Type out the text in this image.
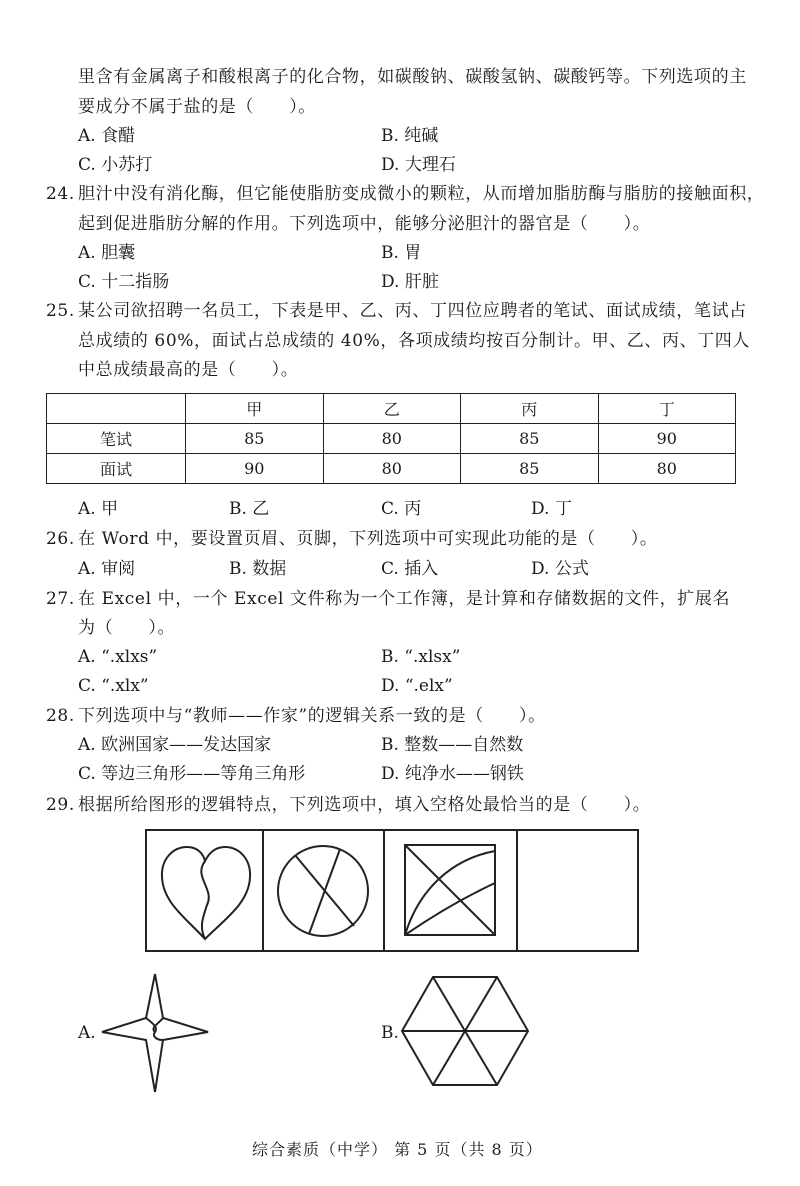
里含有金属离子和酸根离子的化合物，如碳酸钠、碳酸氢钠、碳酸钙等。下列选项的主
要成分不属于盐的是（　　）。
A. 食醋	B. 纯碱
C. 小苏打	D. 大理石
24. 胆汁中没有消化酶，但它能使脂肪变成微小的颗粒，从而增加脂肪酶与脂肪的接触面积，
起到促进脂肪分解的作用。下列选项中，能够分泌胆汁的器官是（　　）。
A. 胆囊	B. 胃
C. 十二指肠	D. 肝脏
25. 某公司欲招聘一名员工，下表是甲、乙、丙、丁四位应聘者的笔试、面试成绩，笔试占
总成绩的 60%，面试占总成绩的 40%，各项成绩均按百分制计。甲、乙、丙、丁四人
中总成绩最高的是（　　）。
	甲	乙	丙	丁
笔试	85	80	85	90
面试	90	80	85	80
A. 甲	B. 乙	C. 丙	D. 丁
26. 在 Word 中，要设置页眉、页脚，下列选项中可实现此功能的是（　　）。
A. 审阅	B. 数据	C. 插入	D. 公式
27. 在 Excel 中，一个 Excel 文件称为一个工作簿，是计算和存储数据的文件，扩展名
为（　　）。
A. “.xlxs”	B. “.xlsx”
C. “.xlx”	D. “.elx”
28. 下列选项中与“教师——作家”的逻辑关系一致的是（　　）。
A. 欧洲国家——发达国家	B. 整数——自然数
C. 等边三角形——等角三角形	D. 纯净水——钢铁
29. 根据所给图形的逻辑特点，下列选项中，填入空格处最恰当的是（　　）。
A.	B.
综合素质（中学） 第 5 页（共 8 页）
